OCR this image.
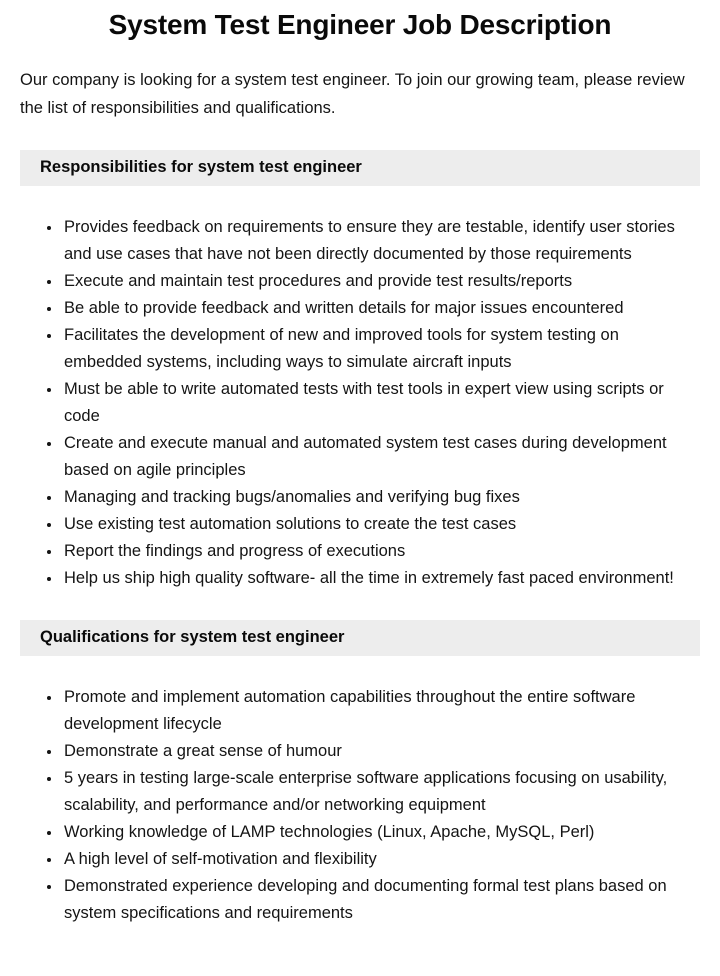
System Test Engineer Job Description

Our company is looking for a system test engineer. To join our growing team, please review the list of responsibilities and qualifications.

Responsibilities for system test engineer
• Provides feedback on requirements to ensure they are testable, identify user stories and use cases that have not been directly documented by those requirements
• Execute and maintain test procedures and provide test results/reports
• Be able to provide feedback and written details for major issues encountered
• Facilitates the development of new and improved tools for system testing on embedded systems, including ways to simulate aircraft inputs
• Must be able to write automated tests with test tools in expert view using scripts or code
• Create and execute manual and automated system test cases during development based on agile principles
• Managing and tracking bugs/anomalies and verifying bug fixes
• Use existing test automation solutions to create the test cases
• Report the findings and progress of executions
• Help us ship high quality software- all the time in extremely fast paced environment!
Qualifications for system test engineer
• Promote and implement automation capabilities throughout the entire software development lifecycle
• Demonstrate a great sense of humour
• 5 years in testing large-scale enterprise software applications focusing on usability, scalability, and performance and/or networking equipment
• Working knowledge of LAMP technologies (Linux, Apache, MySQL, Perl)
• A high level of self-motivation and flexibility
• Demonstrated experience developing and documenting formal test plans based on system specifications and requirements
